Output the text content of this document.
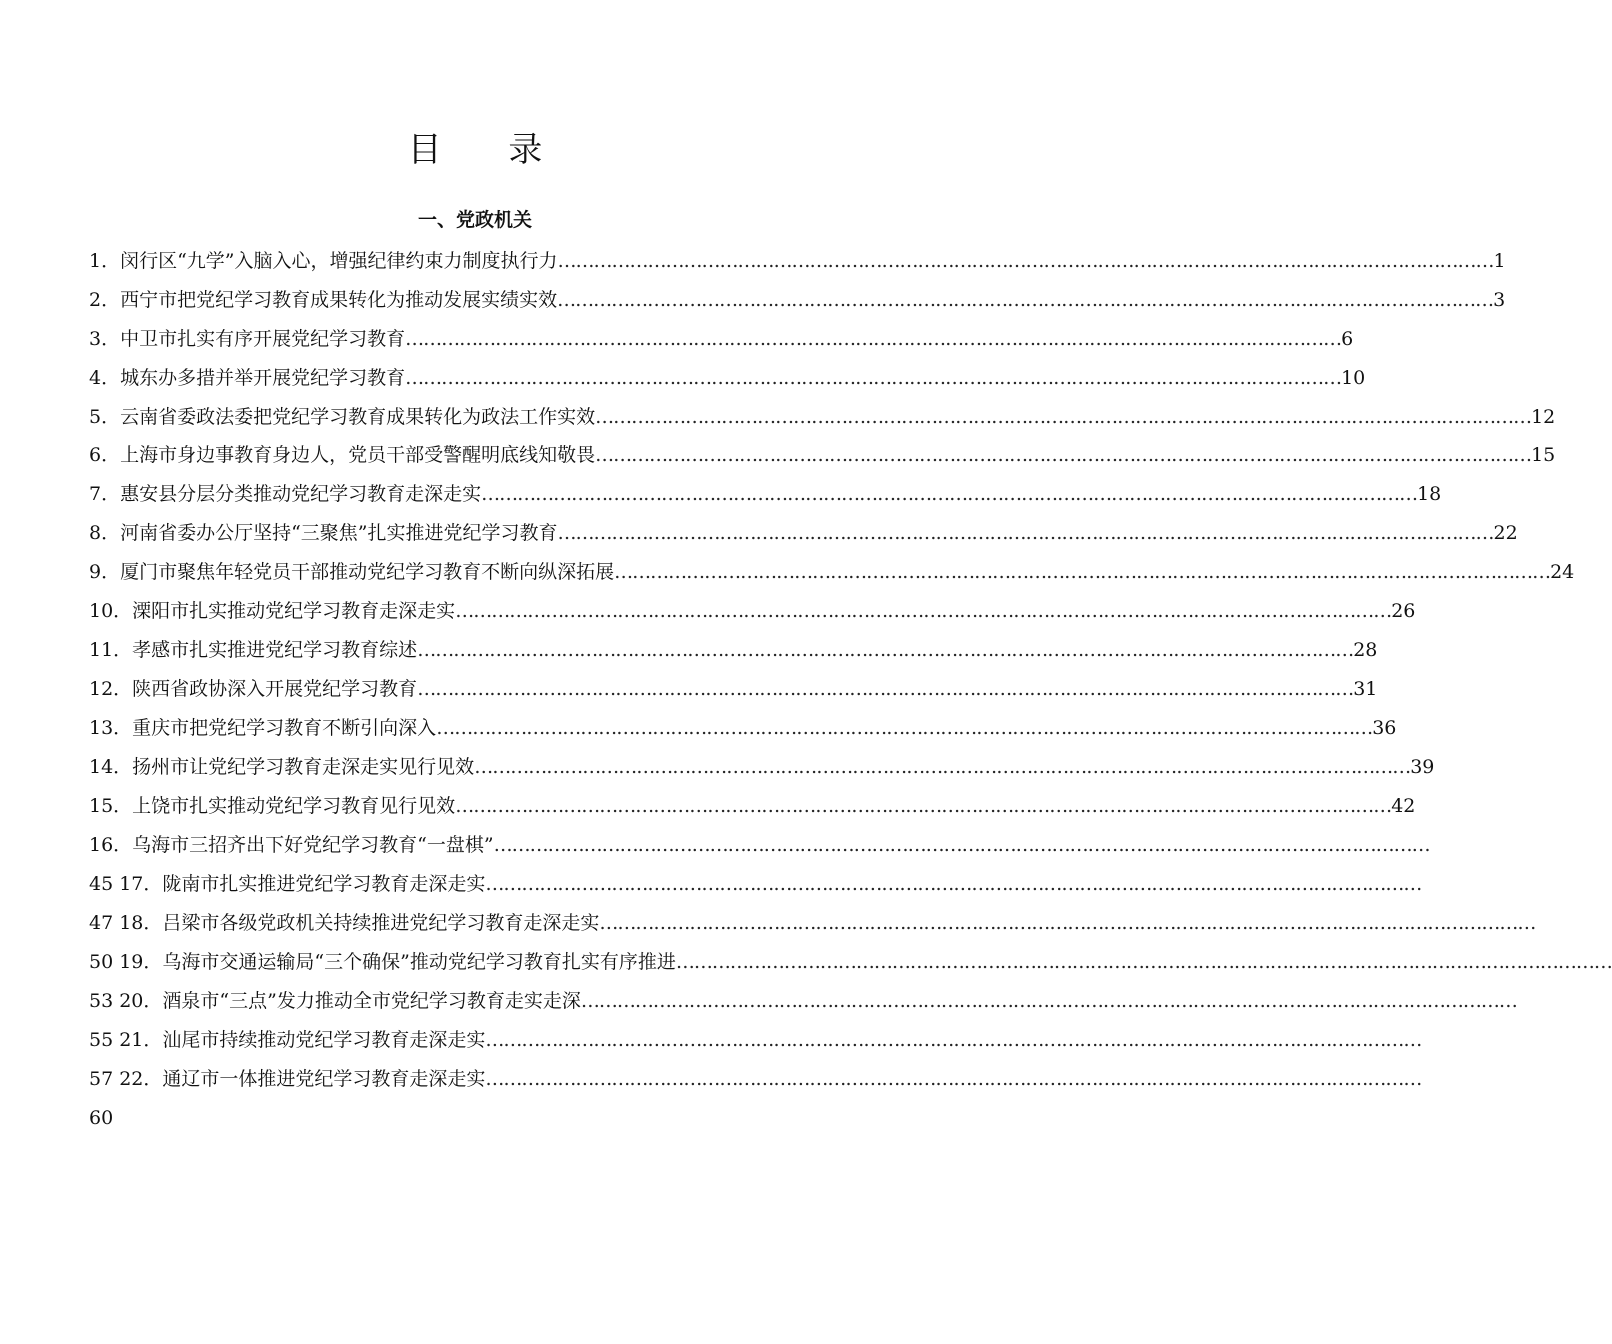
目 录
一、党政机关
1．闵行区“九学”入脑入心，增强纪律约束力制度执行力 ………………………………………………………………………………………………………………………………………… 1
2．西宁市把党纪学习教育成果转化为推动发展实绩实效 ………………………………………………………………………………………………………………………………………… 3
3．中卫市扎实有序开展党纪学习教育 ………………………………………………………………………………………………………………………………………… 6
4．城东办多措并举开展党纪学习教育 ………………………………………………………………………………………………………………………………………… 10
5．云南省委政法委把党纪学习教育成果转化为政法工作实效 ………………………………………………………………………………………………………………………………………… 12
6．上海市身边事教育身边人，党员干部受警醒明底线知敬畏 ………………………………………………………………………………………………………………………………………… 15
7．惠安县分层分类推动党纪学习教育走深走实 ………………………………………………………………………………………………………………………………………… 18
8．河南省委办公厅坚持“三聚焦”扎实推进党纪学习教育 ………………………………………………………………………………………………………………………………………… 22
9．厦门市聚焦年轻党员干部推动党纪学习教育不断向纵深拓展 ………………………………………………………………………………………………………………………………………… 24
10．溧阳市扎实推动党纪学习教育走深走实 ………………………………………………………………………………………………………………………………………… 26
11．孝感市扎实推进党纪学习教育综述 ………………………………………………………………………………………………………………………………………… 28
12．陕西省政协深入开展党纪学习教育 ………………………………………………………………………………………………………………………………………… 31
13．重庆市把党纪学习教育不断引向深入 ………………………………………………………………………………………………………………………………………… 36
14．扬州市让党纪学习教育走深走实见行见效 ………………………………………………………………………………………………………………………………………… 39
15．上饶市扎实推动党纪学习教育见行见效 ………………………………………………………………………………………………………………………………………… 42
16．乌海市三招齐出下好党纪学习教育“一盘棋” …………………………………………………………………………………………………………………………………………
45 17．陇南市扎实推进党纪学习教育走深走实 …………………………………………………………………………………………………………………………………………
47 18．吕梁市各级党政机关持续推进党纪学习教育走深走实 …………………………………………………………………………………………………………………………………………
50 19．乌海市交通运输局“三个确保”推动党纪学习教育扎实有序推进 …………………………………………………………………………………………………………………………………………
53 20．酒泉市“三点”发力推动全市党纪学习教育走实走深 …………………………………………………………………………………………………………………………………………
55 21．汕尾市持续推动党纪学习教育走深走实 …………………………………………………………………………………………………………………………………………
57 22．通辽市一体推进党纪学习教育走深走实 …………………………………………………………………………………………………………………………………………
60
